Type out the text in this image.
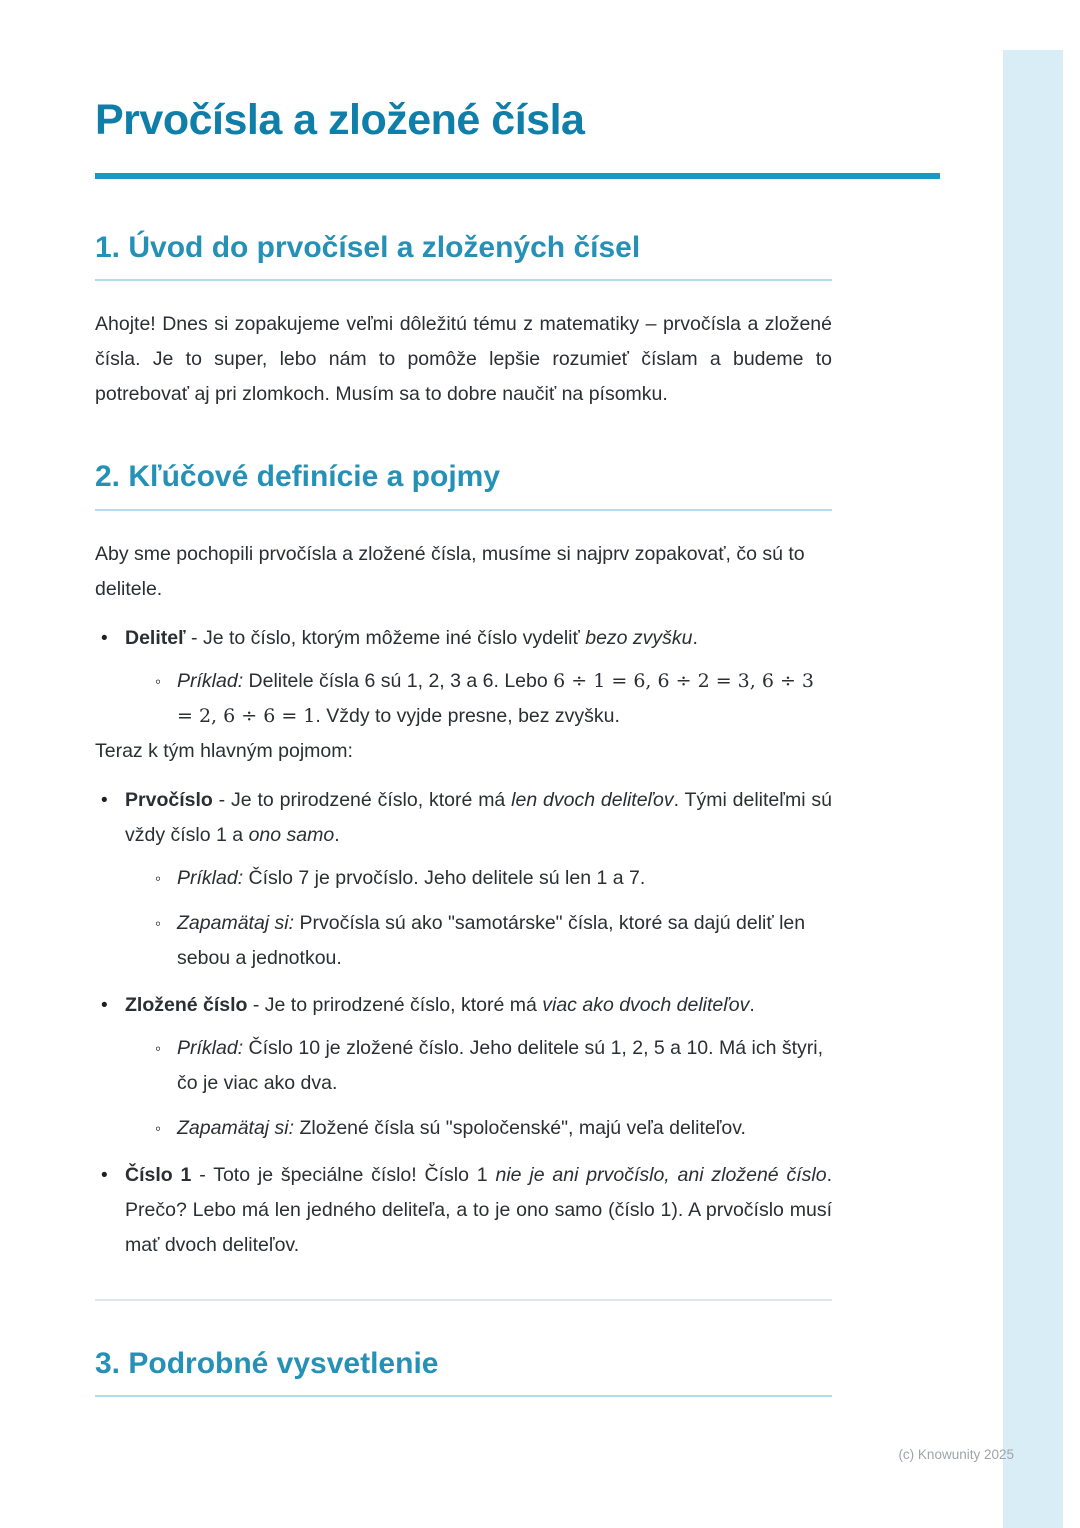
Prvočísla a zložené čísla
1. Úvod do prvočísel a zložených čísel

Ahojte! Dnes si zopakujeme veľmi dôležitú tému z matematiky – prvočísla a zložené čísla. Je to super, lebo nám to pomôže lepšie rozumieť číslam a budeme to potrebovať aj pri zlomkoch. Musím sa to dobre naučiť na písomku.

2. Kľúčové definície a pojmy

Aby sme pochopili prvočísla a zložené čísla, musíme si najprv zopakovať, čo sú to delitele.

• Deliteľ - Je to číslo, ktorým môžeme iné číslo vydeliť bezo zvyšku.

◦ Príklad: Delitele čísla 6 sú 1, 2, 3 a 6. Lebo 6 ÷ 1 = 6, 6 ÷ 2 = 3, 6 ÷ 3 = 2, 6 ÷ 6 = 1. Vždy to vyjde presne, bez zvyšku.

Teraz k tým hlavným pojmom:

• Prvočíslo - Je to prirodzené číslo, ktoré má len dvoch deliteľov. Tými deliteľmi sú vždy číslo 1 a ono samo.

◦ Príklad: Číslo 7 je prvočíslo. Jeho delitele sú len 1 a 7.

◦ Zapamätaj si: Prvočísla sú ako "samotárske" čísla, ktoré sa dajú deliť len sebou a jednotkou.

• Zložené číslo - Je to prirodzené číslo, ktoré má viac ako dvoch deliteľov.

◦ Príklad: Číslo 10 je zložené číslo. Jeho delitele sú 1, 2, 5 a 10. Má ich štyri, čo je viac ako dva.

◦ Zapamätaj si: Zložené čísla sú "spoločenské", majú veľa deliteľov.

• Číslo 1 - Toto je špeciálne číslo! Číslo 1 nie je ani prvočíslo, ani zložené číslo. Prečo? Lebo má len jedného deliteľa, a to je ono samo (číslo 1). A prvočíslo musí mať dvoch deliteľov.

3. Podrobné vysvetlenie
(c) Knowunity 2025
